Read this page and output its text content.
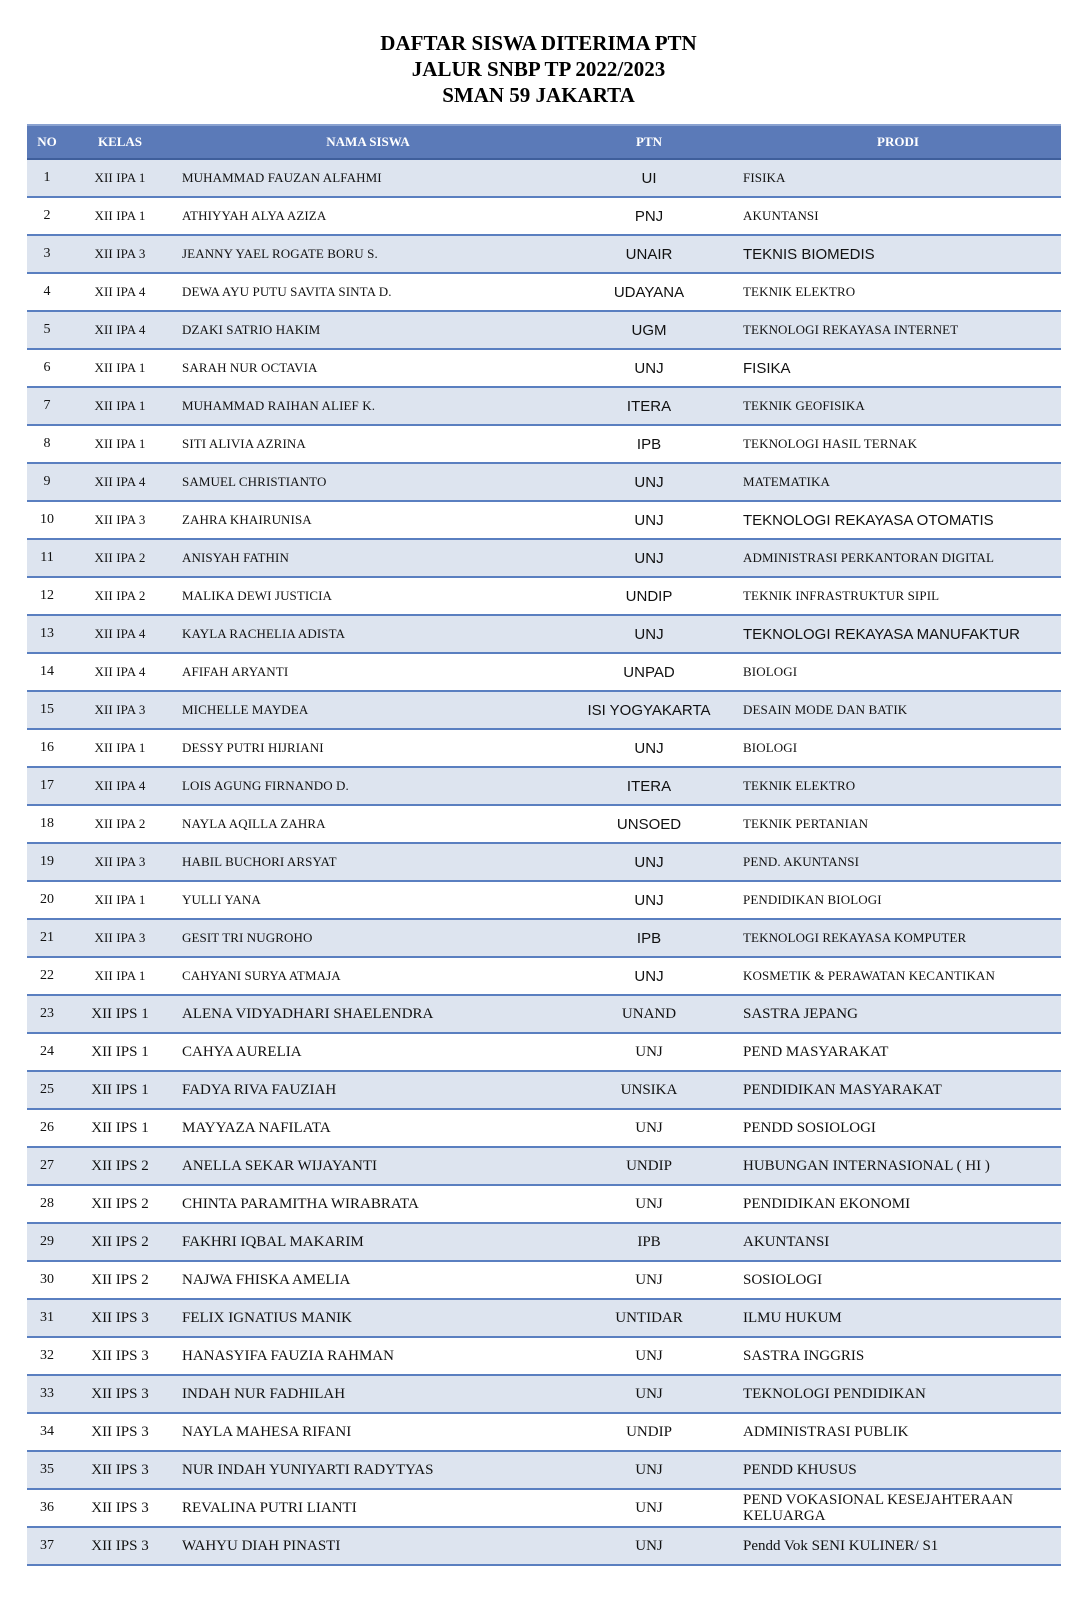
DAFTAR SISWA DITERIMA PTN
JALUR SNBP TP 2022/2023
SMAN 59 JAKARTA
NO	KELAS	NAMA SISWA	PTN	PRODI
1	XII IPA 1	MUHAMMAD FAUZAN ALFAHMI	UI	FISIKA
2	XII IPA 1	ATHIYYAH ALYA AZIZA	PNJ	AKUNTANSI
3	XII IPA 3	JEANNY YAEL ROGATE BORU S.	UNAIR	TEKNIS BIOMEDIS
4	XII IPA 4	DEWA AYU PUTU SAVITA SINTA D.	UDAYANA	TEKNIK ELEKTRO
5	XII IPA 4	DZAKI SATRIO HAKIM	UGM	TEKNOLOGI REKAYASA INTERNET
6	XII IPA 1	SARAH NUR OCTAVIA	UNJ	FISIKA
7	XII IPA 1	MUHAMMAD RAIHAN ALIEF K.	ITERA	TEKNIK GEOFISIKA
8	XII IPA 1	SITI ALIVIA AZRINA	IPB	TEKNOLOGI HASIL TERNAK
9	XII IPA 4	SAMUEL CHRISTIANTO	UNJ	MATEMATIKA
10	XII IPA 3	ZAHRA KHAIRUNISA	UNJ	TEKNOLOGI REKAYASA OTOMATIS
11	XII IPA 2	ANISYAH FATHIN	UNJ	ADMINISTRASI PERKANTORAN DIGITAL
12	XII IPA 2	MALIKA DEWI JUSTICIA	UNDIP	TEKNIK INFRASTRUKTUR SIPIL
13	XII IPA 4	KAYLA RACHELIA ADISTA	UNJ	TEKNOLOGI REKAYASA MANUFAKTUR
14	XII IPA 4	AFIFAH ARYANTI	UNPAD	BIOLOGI
15	XII IPA 3	MICHELLE MAYDEA	ISI YOGYAKARTA	DESAIN MODE DAN BATIK
16	XII IPA 1	DESSY PUTRI HIJRIANI	UNJ	BIOLOGI
17	XII IPA 4	LOIS AGUNG FIRNANDO D.	ITERA	TEKNIK ELEKTRO
18	XII IPA 2	NAYLA AQILLA ZAHRA	UNSOED	TEKNIK PERTANIAN
19	XII IPA 3	HABIL BUCHORI ARSYAT	UNJ	PEND. AKUNTANSI
20	XII IPA 1	YULLI YANA	UNJ	PENDIDIKAN BIOLOGI
21	XII IPA 3	GESIT TRI NUGROHO	IPB	TEKNOLOGI REKAYASA KOMPUTER
22	XII IPA 1	CAHYANI SURYA ATMAJA	UNJ	KOSMETIK & PERAWATAN KECANTIKAN
23	XII IPS 1	ALENA VIDYADHARI SHAELENDRA	UNAND	SASTRA JEPANG
24	XII IPS 1	CAHYA AURELIA	UNJ	PEND MASYARAKAT
25	XII IPS 1	FADYA RIVA FAUZIAH	UNSIKA	PENDIDIKAN MASYARAKAT
26	XII IPS 1	MAYYAZA NAFILATA	UNJ	PENDD SOSIOLOGI
27	XII IPS 2	ANELLA SEKAR WIJAYANTI	UNDIP	HUBUNGAN INTERNASIONAL ( HI )
28	XII IPS 2	CHINTA PARAMITHA WIRABRATA	UNJ	PENDIDIKAN EKONOMI
29	XII IPS 2	FAKHRI IQBAL MAKARIM	IPB	AKUNTANSI
30	XII IPS 2	NAJWA FHISKA AMELIA	UNJ	SOSIOLOGI
31	XII IPS 3	FELIX IGNATIUS MANIK	UNTIDAR	ILMU HUKUM
32	XII IPS 3	HANASYIFA FAUZIA RAHMAN	UNJ	SASTRA INGGRIS
33	XII IPS 3	INDAH NUR FADHILAH	UNJ	TEKNOLOGI PENDIDIKAN
34	XII IPS 3	NAYLA MAHESA RIFANI	UNDIP	ADMINISTRASI PUBLIK
35	XII IPS 3	NUR INDAH YUNIYARTI RADYTYAS	UNJ	PENDD KHUSUS
36	XII IPS 3	REVALINA PUTRI LIANTI	UNJ	PEND VOKASIONAL KESEJAHTERAAN KELUARGA
37	XII IPS 3	WAHYU DIAH PINASTI	UNJ	Pendd Vok SENI KULINER/ S1
